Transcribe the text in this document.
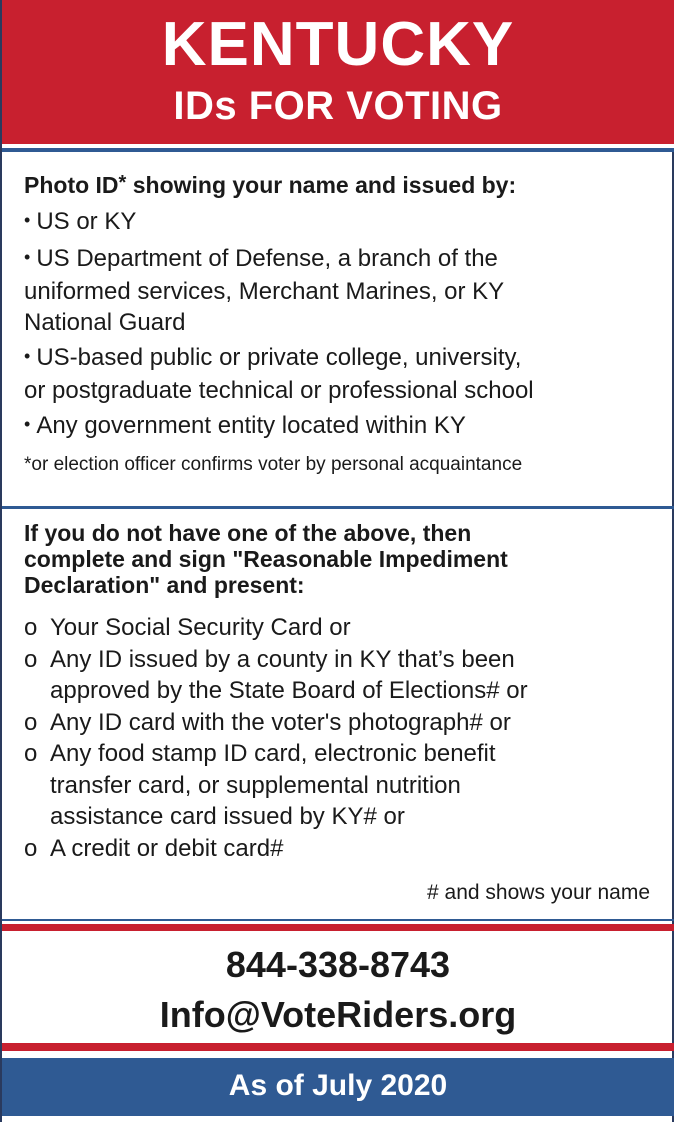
KENTUCKY
IDs FOR VOTING
Photo ID* showing your name and issued by:
• US or KY
• US Department of Defense, a branch of the
uniformed services, Merchant Marines, or KY
National Guard
• US-based public or private college, university,
or postgraduate technical or professional school
• Any government entity located within KY
*or election officer confirms voter by personal acquaintance
If you do not have one of the above, then
complete and sign "Reasonable Impediment
Declaration" and present:
o Your Social Security Card or
o Any ID issued by a county in KY that’s been
approved by the State Board of Elections# or
o Any ID card with the voter's photograph# or
o Any food stamp ID card, electronic benefit
transfer card, or supplemental nutrition
assistance card issued by KY# or
o A credit or debit card#
# and shows your name
844-338-8743
Info@VoteRiders.org
As of July 2020
